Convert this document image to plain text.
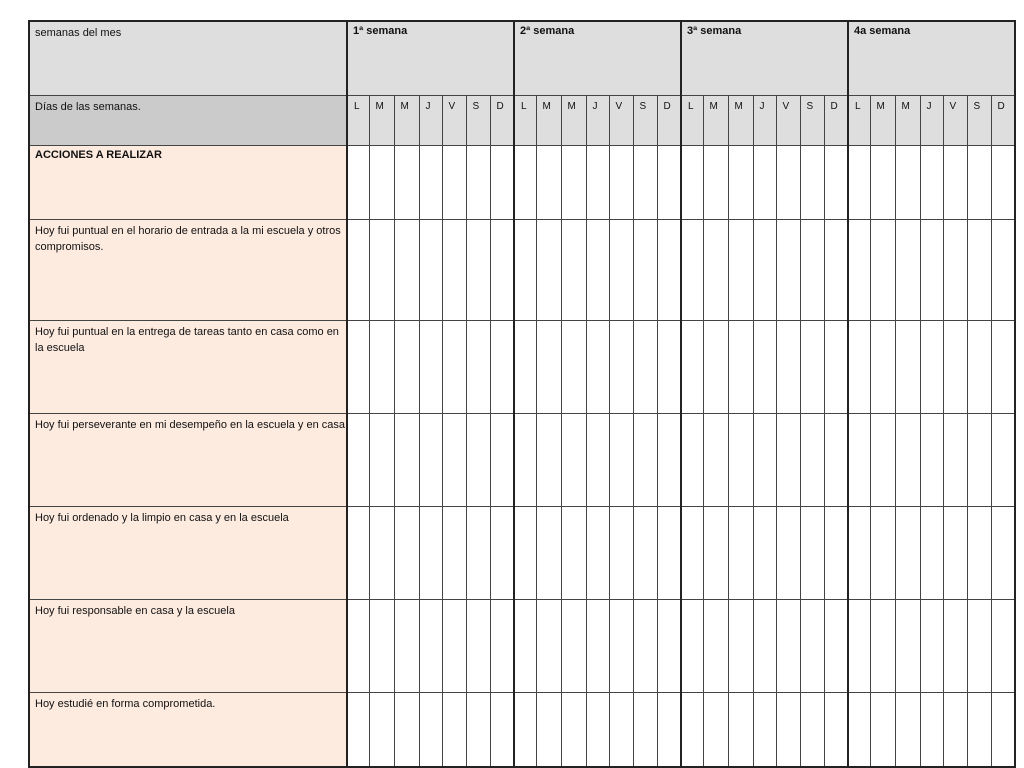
semanas del mes	1ª semana							2ª semana							3ª semana							4a semana						
Días de las semanas.	L	M	M	J	V	S	D	L	M	M	J	V	S	D	L	M	M	J	V	S	D	L	M	M	J	V	S	D
ACCIONES A REALIZAR																												
Hoy fui puntual en el horario de entrada a la mi escuela y otros compromisos.																												
Hoy fui puntual en la entrega de tareas tanto en casa como en la escuela																												
Hoy fui perseverante en mi desempeño en la escuela y en casa																												
Hoy fui ordenado y la limpio en casa y en la escuela																												
Hoy fui responsable en casa y la escuela																												
Hoy estudié en forma comprometida.																												
